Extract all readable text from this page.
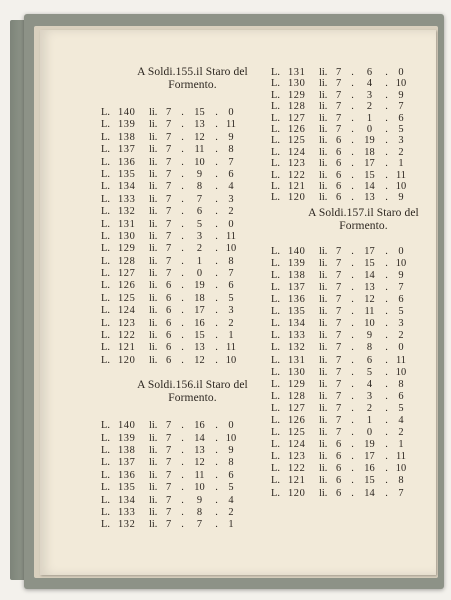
A Soldi.155.il Staro del
Formento.
L. 140	li. 7 .	15	.	0
L. 139	li. 7 .	13	. 11
L. 138	li. 7 .	12	.	9
L. 137	li. 7 .	11	.	8
L. 136	li. 7 .	10	.	7
L. 135	li. 7 .	9	.	6
L. 134	li. 7 .	8	.	4
L. 133	li. 7 .	7	.	3
L. 132	li. 7 .	6	.	2
L. 131	li. 7 .	5	.	0
L. 130	li. 7 .	3	. 11
L. 129	li. 7 .	2	. 10
L. 128	li. 7 .	1	.	8
L. 127	li. 7 .	0	.	7
L. 126	li. 6 .	19	.	6
L. 125	li. 6 .	18	.	5
L. 124	li. 6 .	17	.	3
L. 123	li. 6 .	16	.	2
L. 122	li. 6 .	15	.	1
L. 121	li. 6 .	13	. 11
L. 120	li. 6 .	12	. 10
A Soldi.156.il Staro del
Formento.
L. 140	li. 7 .	16	.	0
L. 139	li. 7 .	14	. 10
L. 138	li. 7 .	13	.	9
L. 137	li. 7 .	12	.	8
L. 136	li. 7 .	11	.	6
L. 135	li. 7 .	10	.	5
L. 134	li. 7 .	9	.	4
L. 133	li. 7 .	8	.	2
L. 132	li. 7 .	7	.	1
L. 131	li. 7 .	6	.	0
L. 130	li. 7 .	4	. 10
L. 129	li. 7 .	3	.	9
L. 128	li. 7 .	2	.	7
L. 127	li. 7 .	1	.	6
L. 126	li. 7 .	0	.	5
L. 125	li. 6 .	19	.	3
L. 124	li. 6 .	18	.	2
L. 123	li. 6 .	17	.	1
L. 122	li. 6 .	15	. 11
L. 121	li. 6 .	14	. 10
L. 120	li. 6 .	13	.	9
A Soldi.157.il Staro del
Formento.
L. 140	li. 7 .	17	.	0
L. 139	li. 7 .	15	. 10
L. 138	li. 7 .	14	.	9
L. 137	li. 7 .	13	.	7
L. 136	li. 7 .	12	.	6
L. 135	li. 7 .	11	.	5
L. 134	li. 7 .	10	.	3
L. 133	li. 7 .	9	.	2
L. 132	li. 7 .	8	.	0
L. 131	li. 7 .	6	. 11
L. 130	li. 7 .	5	. 10
L. 129	li. 7 .	4	.	8
L. 128	li. 7 .	3	.	6
L. 127	li. 7 .	2	.	5
L. 126	li. 7 .	1	.	4
L. 125	li. 7 .	0	.	2
L. 124	li. 6 .	19	.	1
L. 123	li. 6 .	17	. 11
L. 122	li. 6 .	16	. 10
L. 121	li. 6 .	15	.	8
L. 120	li. 6 .	14	.	7
